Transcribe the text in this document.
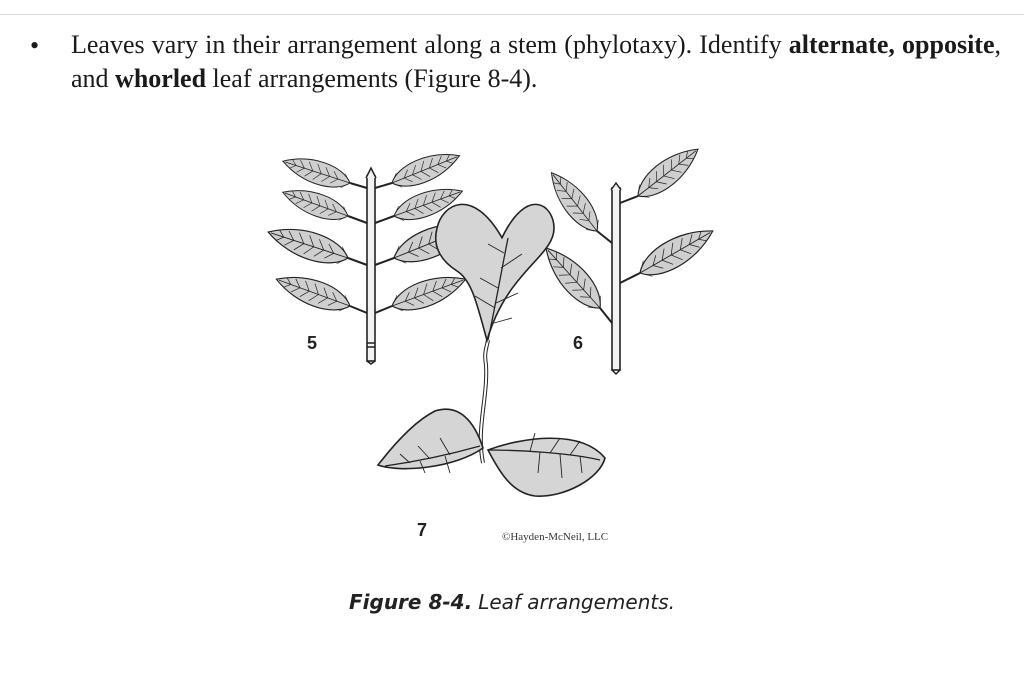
• Leaves vary in their arrangement along a stem (phylotaxy). Identify alternate, opposite, and whorled leaf arrangements (Figure 8-4).

5	6
7	©Hayden-McNeil, LLC
Figure 8-4. Leaf arrangements.
